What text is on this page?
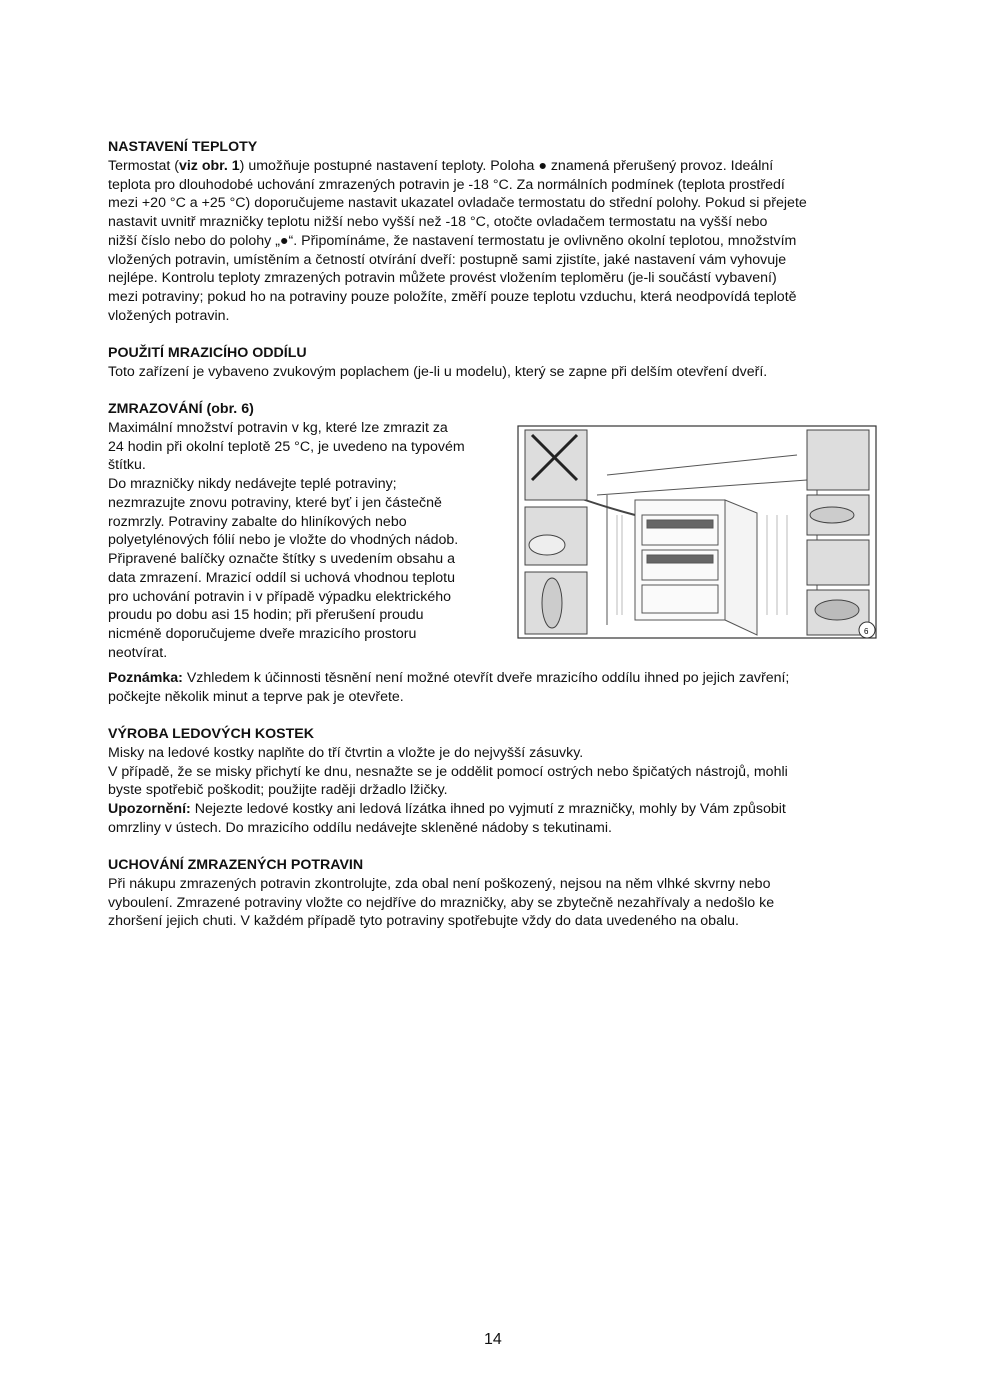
NASTAVENÍ TEPLOTY
Termostat (viz obr. 1) umožňuje postupné nastavení teploty. Poloha ● znamená přerušený provoz. Ideální
teplota pro dlouhodobé uchování zmrazených potravin je -18 °C. Za normálních podmínek (teplota prostředí
mezi +20 °C a +25 °C) doporučujeme nastavit ukazatel ovladače termostatu do střední polohy. Pokud si přejete
nastavit uvnitř mrazničky teplotu nižší nebo vyšší než -18 °C, otočte ovladačem termostatu na vyšší nebo
nižší číslo nebo do polohy „●“. Připomínáme, že nastavení termostatu je ovlivněno okolní teplotou, množstvím
vložených potravin, umístěním a četností otvírání dveří: postupně sami zjistíte, jaké nastavení vám vyhovuje
nejlépe. Kontrolu teploty zmrazených potravin můžete provést vložením teploměru (je-li součástí vybavení)
mezi potraviny; pokud ho na potraviny pouze položíte, změří pouze teplotu vzduchu, která neodpovídá teplotě
vložených potravin.
POUŽITÍ MRAZICÍHO ODDÍLU
Toto zařízení je vybaveno zvukovým poplachem (je-li u modelu), který se zapne při delším otevření dveří.
ZMRAZOVÁNÍ (obr. 6)
Maximální množství potravin v kg, které lze zmrazit za
24 hodin při okolní teplotě 25 °C, je uvedeno na typovém
štítku.
Do mrazničky nikdy nedávejte teplé potraviny;
nezmrazujte znovu potraviny, které byť i jen částečně
rozmrzly. Potraviny zabalte do hliníkových nebo
polyetylénových fólií nebo je vložte do vhodných nádob.
Připravené balíčky označte štítky s uvedením obsahu a
data zmrazení. Mrazicí oddíl si uchová vhodnou teplotu
pro uchování potravin i v případě výpadku elektrického
proudu po dobu asi 15 hodin; při přerušení proudu
nicméně doporučujeme dveře mrazicího prostoru
neotvírat.
Poznámka: Vzhledem k účinnosti těsnění není možné otevřít dveře mrazicího oddílu ihned po jejich zavření;
počkejte několik minut a teprve pak je otevřete.
6
VÝROBA LEDOVÝCH KOSTEK
Misky na ledové kostky naplňte do tří čtvrtin a vložte je do nejvyšší zásuvky.
V případě, že se misky přichytí ke dnu, nesnažte se je oddělit pomocí ostrých nebo špičatých nástrojů, mohli
byste spotřebič poškodit; použijte raději držadlo lžičky.
Upozornění: Nejezte ledové kostky ani ledová lízátka ihned po vyjmutí z mrazničky, mohly by Vám způsobit
omrzliny v ústech. Do mrazicího oddílu nedávejte skleněné nádoby s tekutinami.
UCHOVÁNÍ ZMRAZENÝCH POTRAVIN
Při nákupu zmrazených potravin zkontrolujte, zda obal není poškozený, nejsou na něm vlhké skvrny nebo
vyboulení. Zmrazené potraviny vložte co nejdříve do mrazničky, aby se zbytečně nezahřívaly a nedošlo ke
zhoršení jejich chuti. V každém případě tyto potraviny spotřebujte vždy do data uvedeného na obalu.
14
